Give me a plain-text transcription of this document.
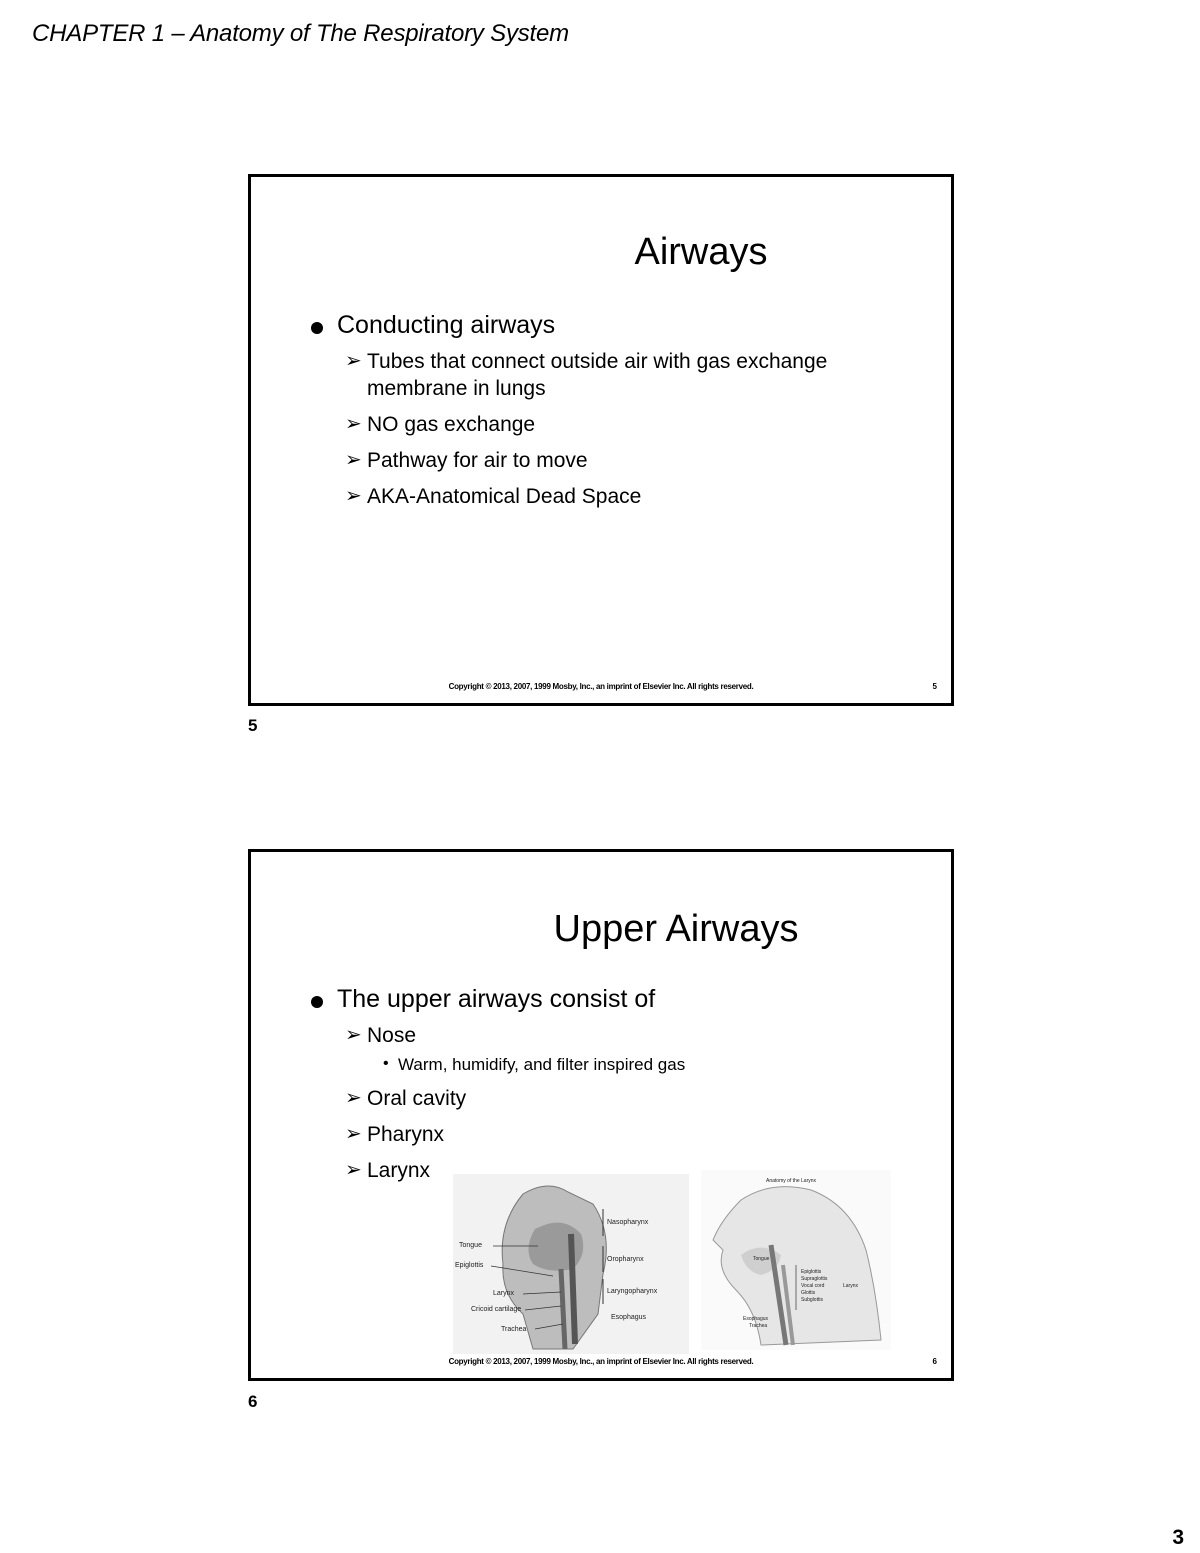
CHAPTER 1 – Anatomy of The Respiratory System
Airways
Conducting airways
➢ Tubes that connect outside air with gas exchange membrane in lungs
➢ NO gas exchange
➢ Pathway for air to move
➢ AKA-Anatomical Dead Space
Copyright © 2013, 2007, 1999 Mosby, Inc., an imprint of Elsevier Inc. All rights reserved.	5
5
Upper Airways
The upper airways consist of
➢ Nose
• Warm, humidify, and filter inspired gas
➢ Oral cavity
➢ Pharynx
➢ Larynx
Tongue
Epiglottis
Larynx
Cricoid cartilage
Trachea
Nasopharynx
Oropharynx
Laryngopharynx
Esophagus
Anatomy of the Larynx
Tongue
Epiglottis
Supraglottis
Vocal cord
Glottis
Subglottis
Larynx
Esophagus
Trachea
Copyright © 2013, 2007, 1999 Mosby, Inc., an imprint of Elsevier Inc. All rights reserved.	6
6
3
